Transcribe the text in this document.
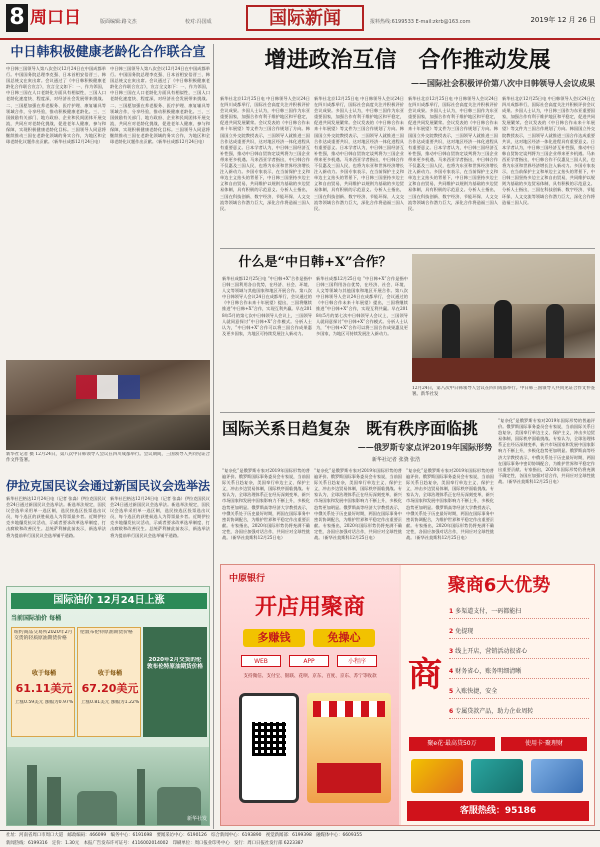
8 周口日	版面编辑:路文杰	校对:冯国成	国际新闻	报料热线:6199533 E-mail:zkrb@163.com	2019年 12 月 26 日
中日韩积极健康老龄化合作联合宣
中日韩三国领导人第八次会议12月24日在中国成都举行。中国国务院总理李克强、日本首相安倍晋三、韩国总统文在寅出席。会议通过了《中日韩积极健康老龄化合作联合宣言》，宣言全文如下：一、作为邻国，中日韩三国在人口老龄化方面具有相似性，三国人口老龄化速度快、程度深，对经济社会发展带来挑战。二、三国愿加强在养老服务、医疗护理、康复辅具等领域合作，分享经验，推动积极健康老龄化。三、三国鼓励有关部门、地方政府、企业和民间团体开展交流，共同应对老龄化挑战，促进老年人健康、参与和保障，实现积极健康老龄化目标。三国领导人同意将继续推动三国在老龄化领域的务实合作，为地区和全球老龄化议题作出贡献。（新华社成都12月24日电）
中日韩三国领导人第八次会议12月24日在中国成都举行。中国国务院总理李克强、日本首相安倍晋三、韩国总统文在寅出席。会议通过了《中日韩积极健康老龄化合作联合宣言》，宣言全文如下：一、作为邻国，中日韩三国在人口老龄化方面具有相似性，三国人口老龄化速度快、程度深，对经济社会发展带来挑战。二、三国愿加强在养老服务、医疗护理、康复辅具等领域合作，分享经验，推动积极健康老龄化。三、三国鼓励有关部门、地方政府、企业和民间团体开展交流，共同应对老龄化挑战，促进老年人健康、参与和保障，实现积极健康老龄化目标。三国领导人同意将继续推动三国在老龄化领域的务实合作，为地区和全球老龄化议题作出贡献。（新华社成都12月24日电）
新华社记者 摄 12月24日，第八次中日韩领导人会议在四川成都举行。会议期间，三国领导人共同见证合作文件签署。
伊拉克国民议会通过新国民议会选举法
新华社巴格达12月24日电（记者 张淼）伊拉克国民议会24日通过新国民议会选举法。新选举法规定，国民议会选举采用单一选区制，选民按选区投票选出议员，每个选区的获胜候选人为得票最多者。近期伊拉克多地爆发抗议活动，示威者要求改革选举制度、打击腐败和改善民生。总统萨利赫此前表示，新选举法将为提前举行国民议会选举铺平道路。
新华社巴格达12月24日电（记者 张淼）伊拉克国民议会24日通过新国民议会选举法。新选举法规定，国民议会选举采用单一选区制，选民按选区投票选出议员，每个选区的获胜候选人为得票最多者。近期伊拉克多地爆发抗议活动，示威者要求改革选举制度、打击腐败和改善民生。总统萨利赫此前表示，新选举法将为提前举行国民议会选举铺平道路。
国际油价 12月24日上涨
当前国际油价 每桶
纽约商品交易所2020年2月交货的轻质原油期货价格
收于每桶
61.11美元
上涨0.59美元 涨幅为0.97%
伦敦布伦特原油期货价格
收于每桶
67.20美元
上涨0.81美元 涨幅为1.22%
2020年2月交货的伦敦布伦特原油期货价格
新华社发
增进政治互信　合作推动发展
——国际社会积极评价第八次中日韩领导人会议成果
新华社北京12月25日电 中日韩领导人会议24日在四川成都举行，国际社会高度关注并积极评价会议成果。多国人士认为，中日韩三国作为东亚重要国家，加强合作有利于维护地区和平稳定，促进共同发展繁荣。会议发表的《中日韩合作未来十年展望》等文件为三国合作规划了方向。韩国国立外交院教授表示，三国领导人就推进三国合作达成重要共识，这对地区经济一体化进程具有重要意义。日本学者认为，中日韩三国经济互补性强，推动中日韩自贸协定谈判将为三国企业带来更多机遇。马来西亚学者指出，中日韩合作不仅惠及三国人民，也将为东亚和世界经济增长注入新动力。多国专家表示，在当前保护主义和单边主义抬头的背景下，中日韩三国坚持多边主义和自由贸易，共同维护以规则为基础的多边贸易体制，具有积极的示范意义。分析人士指出，三国在科技创新、数字经济、节能环保、人文交流等领域合作潜力巨大，深化合作将造福三国人民。
新华社北京12月25日电 中日韩领导人会议24日在四川成都举行，国际社会高度关注并积极评价会议成果。多国人士认为，中日韩三国作为东亚重要国家，加强合作有利于维护地区和平稳定，促进共同发展繁荣。会议发表的《中日韩合作未来十年展望》等文件为三国合作规划了方向。韩国国立外交院教授表示，三国领导人就推进三国合作达成重要共识，这对地区经济一体化进程具有重要意义。日本学者认为，中日韩三国经济互补性强，推动中日韩自贸协定谈判将为三国企业带来更多机遇。马来西亚学者指出，中日韩合作不仅惠及三国人民，也将为东亚和世界经济增长注入新动力。多国专家表示，在当前保护主义和单边主义抬头的背景下，中日韩三国坚持多边主义和自由贸易，共同维护以规则为基础的多边贸易体制，具有积极的示范意义。分析人士指出，三国在科技创新、数字经济、节能环保、人文交流等领域合作潜力巨大，深化合作将造福三国人民。
新华社北京12月25日电 中日韩领导人会议24日在四川成都举行，国际社会高度关注并积极评价会议成果。多国人士认为，中日韩三国作为东亚重要国家，加强合作有利于维护地区和平稳定，促进共同发展繁荣。会议发表的《中日韩合作未来十年展望》等文件为三国合作规划了方向。韩国国立外交院教授表示，三国领导人就推进三国合作达成重要共识，这对地区经济一体化进程具有重要意义。日本学者认为，中日韩三国经济互补性强，推动中日韩自贸协定谈判将为三国企业带来更多机遇。马来西亚学者指出，中日韩合作不仅惠及三国人民，也将为东亚和世界经济增长注入新动力。多国专家表示，在当前保护主义和单边主义抬头的背景下，中日韩三国坚持多边主义和自由贸易，共同维护以规则为基础的多边贸易体制，具有积极的示范意义。分析人士指出，三国在科技创新、数字经济、节能环保、人文交流等领域合作潜力巨大，深化合作将造福三国人民。
新华社北京12月25日电 中日韩领导人会议24日在四川成都举行，国际社会高度关注并积极评价会议成果。多国人士认为，中日韩三国作为东亚重要国家，加强合作有利于维护地区和平稳定，促进共同发展繁荣。会议发表的《中日韩合作未来十年展望》等文件为三国合作规划了方向。韩国国立外交院教授表示，三国领导人就推进三国合作达成重要共识，这对地区经济一体化进程具有重要意义。日本学者认为，中日韩三国经济互补性强，推动中日韩自贸协定谈判将为三国企业带来更多机遇。马来西亚学者指出，中日韩合作不仅惠及三国人民，也将为东亚和世界经济增长注入新动力。多国专家表示，在当前保护主义和单边主义抬头的背景下，中日韩三国坚持多边主义和自由贸易，共同维护以规则为基础的多边贸易体制，具有积极的示范意义。分析人士指出，三国在科技创新、数字经济、节能环保、人文交流等领域合作潜力巨大，深化合作将造福三国人民。
什么是“中日韩+X”合作？
新华社成都12月25日电 “中日韩+X”合作是指中日韩三国利用各自优势，在经济、社会、环境、人文等领域与其他国家和地区开展合作。第八次中日韩领导人会议24日在成都举行，会议通过的《中日韩合作未来十年展望》提出，三国将继续推进“中日韩+X”合作，实现互利共赢。早在2018年5月的第七次中日韩领导人会议上，三国领导人就同意探讨“中日韩+X”合作模式。分析人士认为，“中日韩+X”合作可以将三国合作成果惠及更多国家，为地区可持续发展注入新动力。
新华社成都12月25日电 “中日韩+X”合作是指中日韩三国利用各自优势，在经济、社会、环境、人文等领域与其他国家和地区开展合作。第八次中日韩领导人会议24日在成都举行，会议通过的《中日韩合作未来十年展望》提出，三国将继续推进“中日韩+X”合作，实现互利共赢。早在2018年5月的第七次中日韩领导人会议上，三国领导人就同意探讨“中日韩+X”合作模式。分析人士认为，“中日韩+X”合作可以将三国合作成果惠及更多国家，为地区可持续发展注入新动力。
12月24日，第八次中日韩领导人会议在四川成都举行。中日韩三国领导人共同见证合作文件签署。新华社发
国际关系日趋复杂　既有秩序面临挑
——俄罗斯专家点评2019年国际形势
新华社记者 张骁 张浩
“复杂化”是俄罗斯专家对2019年国际形势的普遍评价。俄罗斯国际事务委员会专家说，当前国际关系日趋复杂，美国奉行单边主义、保护主义，冲击多边贸易体制，国际秩序面临挑战。专家认为，全球治理体系正在经历深刻变革，新兴市场国家和发展中国家影响力不断上升，多极化趋势更加明显。俄罗斯高等经济大学教授表示，中俄关系处于历史最好时期，两国在国际事务中密切协调配合，为维护世界和平稳定作出重要贡献。专家指出，2020年国际形势仍将充满不确定性，各国应加强对话合作，共同应对全球性挑战。（新华社莫斯科12月25日电）
“复杂化”是俄罗斯专家对2019年国际形势的普遍评价。俄罗斯国际事务委员会专家说，当前国际关系日趋复杂，美国奉行单边主义、保护主义，冲击多边贸易体制，国际秩序面临挑战。专家认为，全球治理体系正在经历深刻变革，新兴市场国家和发展中国家影响力不断上升，多极化趋势更加明显。俄罗斯高等经济大学教授表示，中俄关系处于历史最好时期，两国在国际事务中密切协调配合，为维护世界和平稳定作出重要贡献。专家指出，2020年国际形势仍将充满不确定性，各国应加强对话合作，共同应对全球性挑战。（新华社莫斯科12月25日电）
“复杂化”是俄罗斯专家对2019年国际形势的普遍评价。俄罗斯国际事务委员会专家说，当前国际关系日趋复杂，美国奉行单边主义、保护主义，冲击多边贸易体制，国际秩序面临挑战。专家认为，全球治理体系正在经历深刻变革，新兴市场国家和发展中国家影响力不断上升，多极化趋势更加明显。俄罗斯高等经济大学教授表示，中俄关系处于历史最好时期，两国在国际事务中密切协调配合，为维护世界和平稳定作出重要贡献。专家指出，2020年国际形势仍将充满不确定性，各国应加强对话合作，共同应对全球性挑战。（新华社莫斯科12月25日电）
“复杂化”是俄罗斯专家对2019年国际形势的普遍评价。俄罗斯国际事务委员会专家说，当前国际关系日趋复杂，美国奉行单边主义、保护主义，冲击多边贸易体制，国际秩序面临挑战。专家认为，全球治理体系正在经历深刻变革，新兴市场国家和发展中国家影响力不断上升，多极化趋势更加明显。俄罗斯高等经济大学教授表示，中俄关系处于历史最好时期，两国在国际事务中密切协调配合，为维护世界和平稳定作出重要贡献。专家指出，2020年国际形势仍将充满不确定性，各国应加强对话合作，共同应对全球性挑战。（新华社莫斯科12月25日电）
中原银行
开店用聚商
多赚钱	免操心
WEB	APP	小程序
支持微信、支付宝、银联、花呗、京东、百度、京东、苏宁等收款
聚商6大优势
商
1 多渠道支付，一码都能扫
2 免提现
3 线上开店，营销活动很省心
4 财务省心，账务明细清晰
5 入账快捷，安全
6 专属贷款产品，助力企业周转
聚e花·最高贷50万	使用卡·聚理财
客服热线：95186
社址：河南省周口市周口大道　邮政编码：466099　编务中心：6191698　要闻采访中心：6190126　综合新闻中心：6193890　视觉新闻部：6199398　融媒体中心：6609355
新闻热线：6199316　定价：1.30元　本报广告发布许可证号：4116002014002　印刷单位：周口报业印务中心　发行：周口日报社发行部 6223387
